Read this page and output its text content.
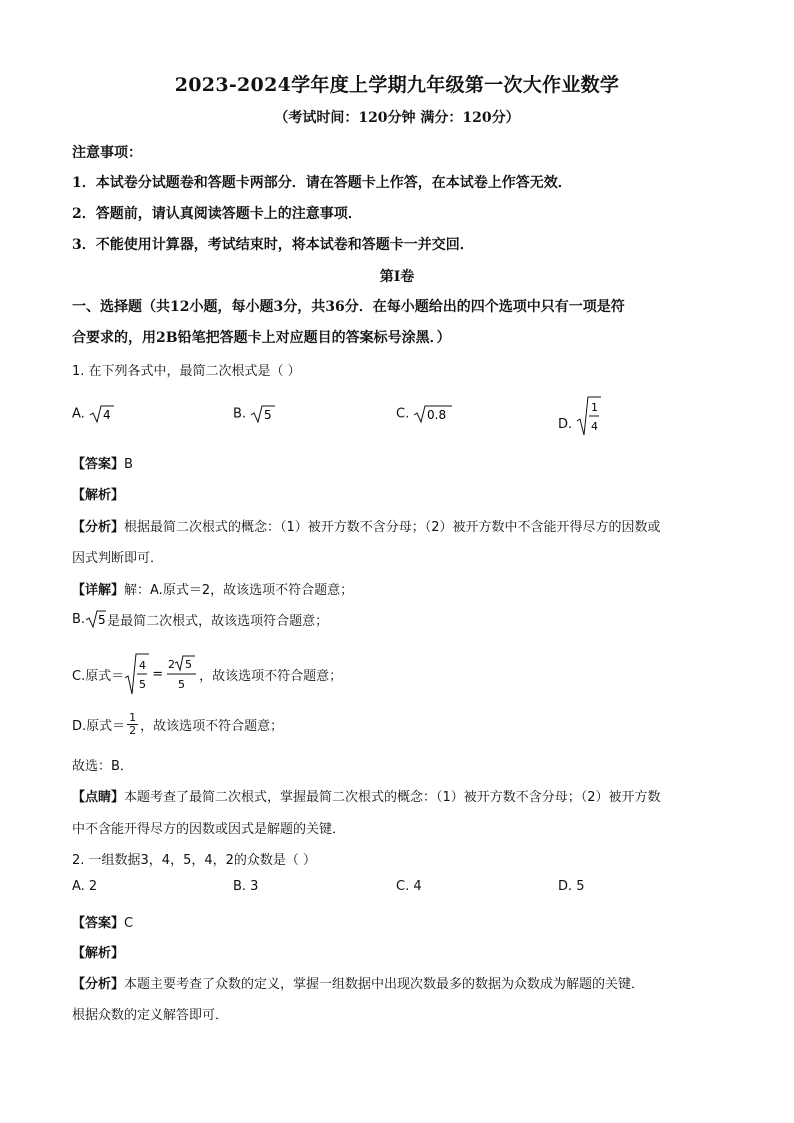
2023-2024学年度上学期九年级第一次大作业数学
（考试时间：120分钟 满分：120分）
注意事项：
1．本试卷分试题卷和答题卡两部分．请在答题卡上作答，在本试卷上作答无效．
2．答题前，请认真阅读答题卡上的注意事项．
3．不能使用计算器，考试结束时，将本试卷和答题卡一并交回．
第Ⅰ卷
一、选择题（共12小题，每小题3分，共36分．在每小题给出的四个选项中只有一项是符
合要求的，用2B铅笔把答题卡上对应题目的答案标号涂黑．）
1. 在下列各式中，最简二次根式是（ ）
A. 4	B. 5	C. 0.8
D.
1
4
【答案】B
【解析】
【分析】根据最简二次根式的概念：（1）被开方数不含分母；（2）被开方数中不含能开得尽方的因数或
因式判断即可．
【详解】解：A.原式＝2，故该选项不符合题意；
B. 5 是最简二次根式，故该选项符合题意；
C.原式＝
4
5
=
2 5
5
，故该选项不符合题意；
D.原式＝ $\frac{1}{2}$ ，故该选项不符合题意；
故选：B．
【点睛】本题考查了最简二次根式，掌握最简二次根式的概念：（1）被开方数不含分母；（2）被开方数
中不含能开得尽方的因数或因式是解题的关键．
2. 一组数据3，4，5，4，2的众数是（ ）
A. 2	B. 3	C. 4	D. 5
【答案】C
【解析】
【分析】本题主要考查了众数的定义，掌握一组数据中出现次数最多的数据为众数成为解题的关键．
根据众数的定义解答即可．
